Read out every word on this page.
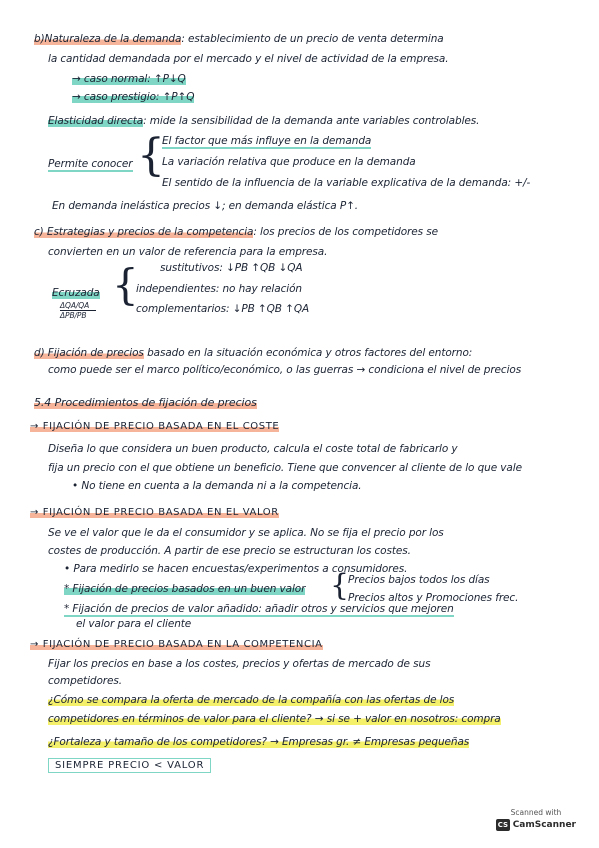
b)Naturaleza de la demanda: establecimiento de un precio de venta determina
la cantidad demandada por el mercado y el nivel de actividad de la empresa.
→ caso normal: ↑P↓Q
→ caso prestigio: ↑P↑Q
Elasticidad directa: mide la sensibilidad de la demanda ante variables controlables.
Permite conocer {
El factor que más influye en la demanda
La variación relativa que produce en la demanda
El sentido de la influencia de la variable explicativa de la demanda: +/-
En demanda inelástica precios ↓; en demanda elástica P↑.
c) Estrategias y precios de la competencia: los precios de los competidores se
convierten en un valor de referencia para la empresa.
sustitutivos: ↓PB ↑QB ↓QA
Ecruzada
ΔQA/QA
ΔPB/PB
{
independientes: no hay relación
complementarios: ↓PB ↑QB ↑QA
d) Fijación de precios basado en la situación económica y otros factores del entorno:
como puede ser el marco político/económico, o las guerras → condiciona el nivel de precios
5.4 Procedimientos de fijación de precios
→ FIJACIÓN DE PRECIO BASADA EN EL COSTE
Diseña lo que considera un buen producto, calcula el coste total de fabricarlo y
fija un precio con el que obtiene un beneficio. Tiene que convencer al cliente de lo que vale
• No tiene en cuenta a la demanda ni a la competencia.
→ FIJACIÓN DE PRECIO BASADA EN EL VALOR
Se ve el valor que le da el consumidor y se aplica. No se fija el precio por los
costes de producción. A partir de ese precio se estructuran los costes.
• Para medirlo se hacen encuestas/experimentos a consumidores.
* Fijación de precios basados en un buen valor {
Precios bajos todos los días
Precios altos y Promociones frec.
* Fijación de precios de valor añadido: añadir otros y servicios que mejoren
el valor para el cliente
→ FIJACIÓN DE PRECIO BASADA EN LA COMPETENCIA
Fijar los precios en base a los costes, precios y ofertas de mercado de sus
competidores.
¿Cómo se compara la oferta de mercado de la compañía con las ofertas de los
competidores en términos de valor para el cliente? → si se + valor en nosotros: compra
¿Fortaleza y tamaño de los competidores? → Empresas gr. ≠ Empresas pequeñas
SIEMPRE PRECIO < VALOR
Scanned with
CS CamScanner
